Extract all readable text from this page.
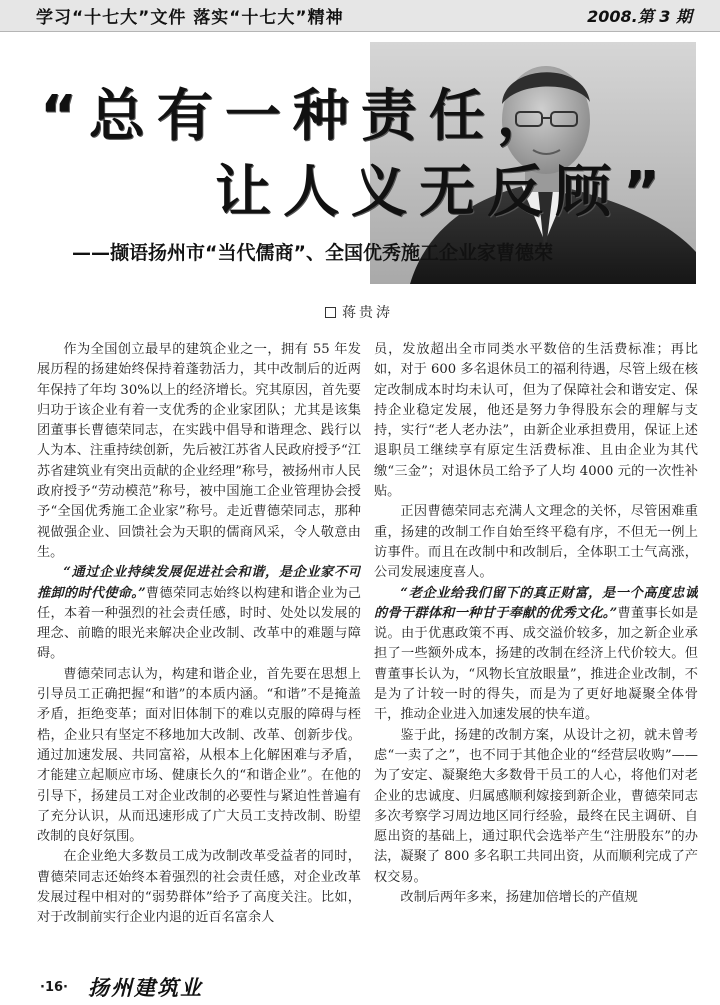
学习“十七大”文件 落实“十七大”精神	2008.第 3 期
“总有一种责任，
让人义无反顾”
——撷语扬州市“当代儒商”、全国优秀施工企业家曹德荣
蒋贵涛

作为全国创立最早的建筑企业之一，拥有 55 年发展历程的扬建始终保持着蓬勃活力，其中改制后的近两年保持了年均 30%以上的经济增长。究其原因，首先要归功于该企业有着一支优秀的企业家团队；尤其是该集团董事长曹德荣同志，在实践中倡导和谐理念、践行以人为本、注重持续创新，先后被江苏省人民政府授予“江苏省建筑业有突出贡献的企业经理”称号，被扬州市人民政府授予“劳动模范”称号，被中国施工企业管理协会授予“全国优秀施工企业家”称号。走近曹德荣同志，那种视做强企业、回馈社会为天职的儒商风采，令人敬意由生。

“通过企业持续发展促进社会和谐，是企业家不可推卸的时代使命。”曹德荣同志始终以构建和谐企业为己任，本着一种强烈的社会责任感，时时、处处以发展的理念、前瞻的眼光来解决企业改制、改革中的难题与障碍。

曹德荣同志认为，构建和谐企业，首先要在思想上引导员工正确把握“和谐”的本质内涵。“和谐”不是掩盖矛盾，拒绝变革；面对旧体制下的难以克服的障碍与桎梏，企业只有坚定不移地加大改制、改革、创新步伐。通过加速发展、共同富裕，从根本上化解困难与矛盾，才能建立起顺应市场、健康长久的“和谐企业”。在他的引导下，扬建员工对企业改制的必要性与紧迫性普遍有了充分认识，从而迅速形成了广大员工支持改制、盼望改制的良好氛围。

在企业绝大多数员工成为改制改革受益者的同时，曹德荣同志还始终本着强烈的社会责任感，对企业改革发展过程中相对的“弱势群体”给予了高度关注。比如，对于改制前实行企业内退的近百名富余人

员，发放超出全市同类水平数倍的生活费标准；再比如，对于 600 多名退休员工的福利待遇，尽管上级在核定改制成本时均未认可，但为了保障社会和谐安定、保持企业稳定发展，他还是努力争得股东会的理解与支持，实行“老人老办法”，由新企业承担费用，保证上述退职员工继续享有原定生活费标准、且由企业为其代缴“三金”；对退休员工给予了人均 4000 元的一次性补贴。

正因曹德荣同志充满人文理念的关怀，尽管困难重重，扬建的改制工作自始至终平稳有序，不但无一例上访事件。而且在改制中和改制后，全体职工士气高涨，公司发展速度喜人。

“老企业给我们留下的真正财富，是一个高度忠诚的骨干群体和一种甘于奉献的优秀文化。”曹董事长如是说。由于优惠政策不再、成交溢价较多，加之新企业承担了一些额外成本，扬建的改制在经济上代价较大。但曹董事长认为，“风物长宜放眼量”，推进企业改制，不是为了计较一时的得失，而是为了更好地凝聚全体骨干，推动企业进入加速发展的快车道。

鉴于此，扬建的改制方案，从设计之初，就未曾考虑“一卖了之”，也不同于其他企业的“经营层收购”——为了安定、凝聚绝大多数骨干员工的人心，将他们对老企业的忠诚度、归属感顺利嫁接到新企业，曹德荣同志多次考察学习周边地区同行经验，最终在民主调研、自愿出资的基础上，通过职代会选举产生“注册股东”的办法，凝聚了 800 多名职工共同出资，从而顺利完成了产权交易。

改制后两年多来，扬建加倍增长的产值规

·16· 扬州建筑业
